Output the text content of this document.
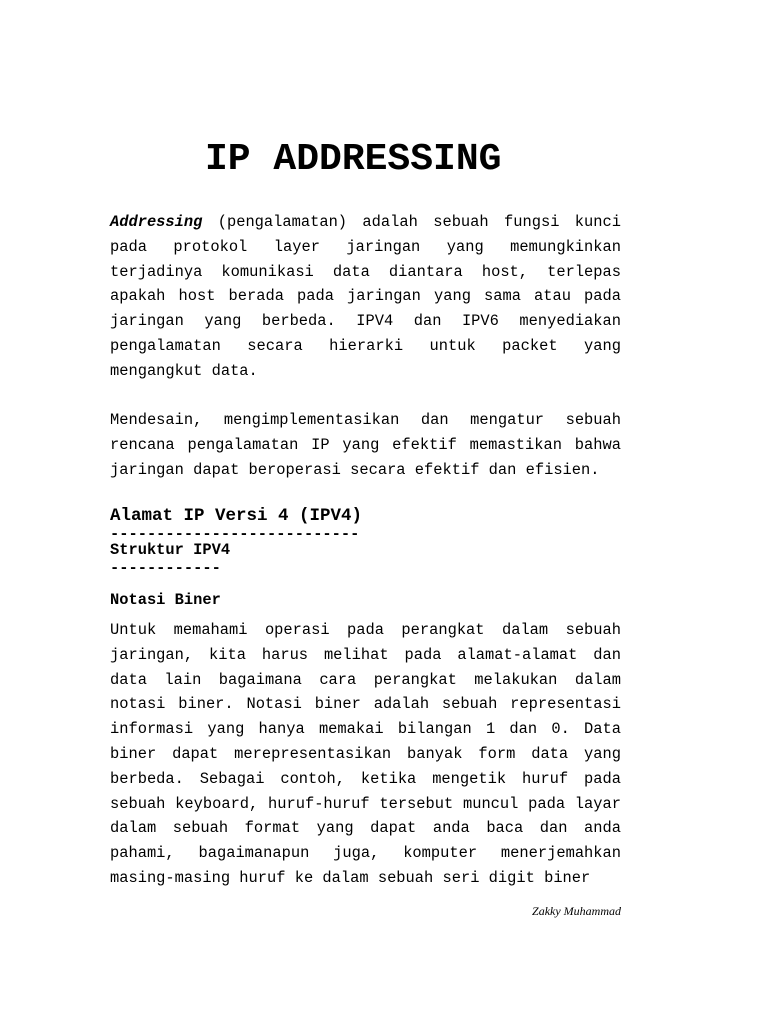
IP ADDRESSING

Addressing (pengalamatan) adalah sebuah fungsi kunci pada protokol layer jaringan yang memungkinkan terjadinya komunikasi data diantara host, terlepas apakah host berada pada jaringan yang sama atau pada jaringan yang berbeda. IPV4 dan IPV6 menyediakan pengalamatan secara hierarki untuk packet yang mengangkut data.

Mendesain, mengimplementasikan dan mengatur sebuah rencana pengalamatan IP yang efektif memastikan bahwa jaringan dapat beroperasi secara efektif dan efisien.

Alamat IP Versi 4 (IPV4)
---------------------------
Struktur IPV4
------------
Notasi Biner

Untuk memahami operasi pada perangkat dalam sebuah jaringan, kita harus melihat pada alamat-alamat dan data lain bagaimana cara perangkat melakukan dalam notasi biner. Notasi biner adalah sebuah representasi informasi yang hanya memakai bilangan 1 dan 0. Data biner dapat merepresentasikan banyak form data yang berbeda. Sebagai contoh, ketika mengetik huruf pada sebuah keyboard, huruf-huruf tersebut muncul pada layar dalam sebuah format yang dapat anda baca dan anda pahami, bagaimanapun juga, komputer menerjemahkan masing-masing huruf ke dalam sebuah seri digit biner

Zakky Muhammad
